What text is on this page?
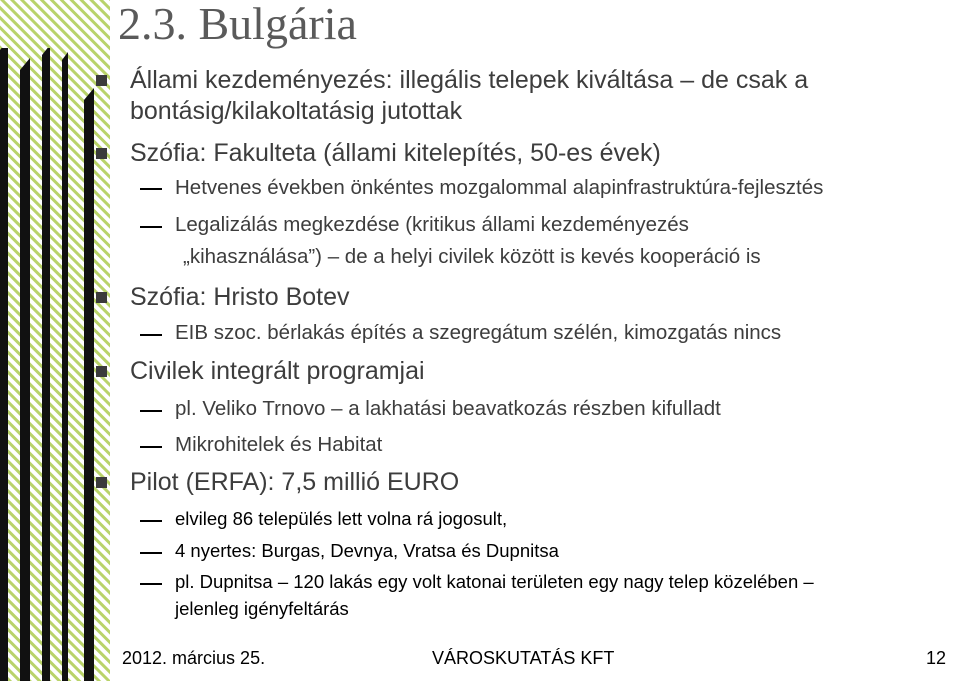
2.3. Bulgária
Állami kezdeményezés: illegális telepek kiváltása – de csak a
bontásig/kilakoltatásig jutottak
Szófia: Fakulteta (állami kitelepítés, 50-es évek)
Hetvenes években önkéntes mozgalommal alapinfrastruktúra-fejlesztés
Legalizálás megkezdése (kritikus állami kezdeményezés
„kihasználása”) – de a helyi civilek között is kevés kooperáció is
Szófia: Hristo Botev
EIB szoc. bérlakás építés a szegregátum szélén, kimozgatás nincs
Civilek integrált programjai
pl. Veliko Trnovo – a lakhatási beavatkozás részben kifulladt
Mikrohitelek és Habitat
Pilot (ERFA): 7,5 millió EURO
elvileg 86 település lett volna rá jogosult,
4 nyertes: Burgas, Devnya, Vratsa és Dupnitsa
pl. Dupnitsa – 120 lakás egy volt katonai területen egy nagy telep közelében –
jelenleg igényfeltárás
2012. március 25.	VÁROSKUTATÁS KFT	12
